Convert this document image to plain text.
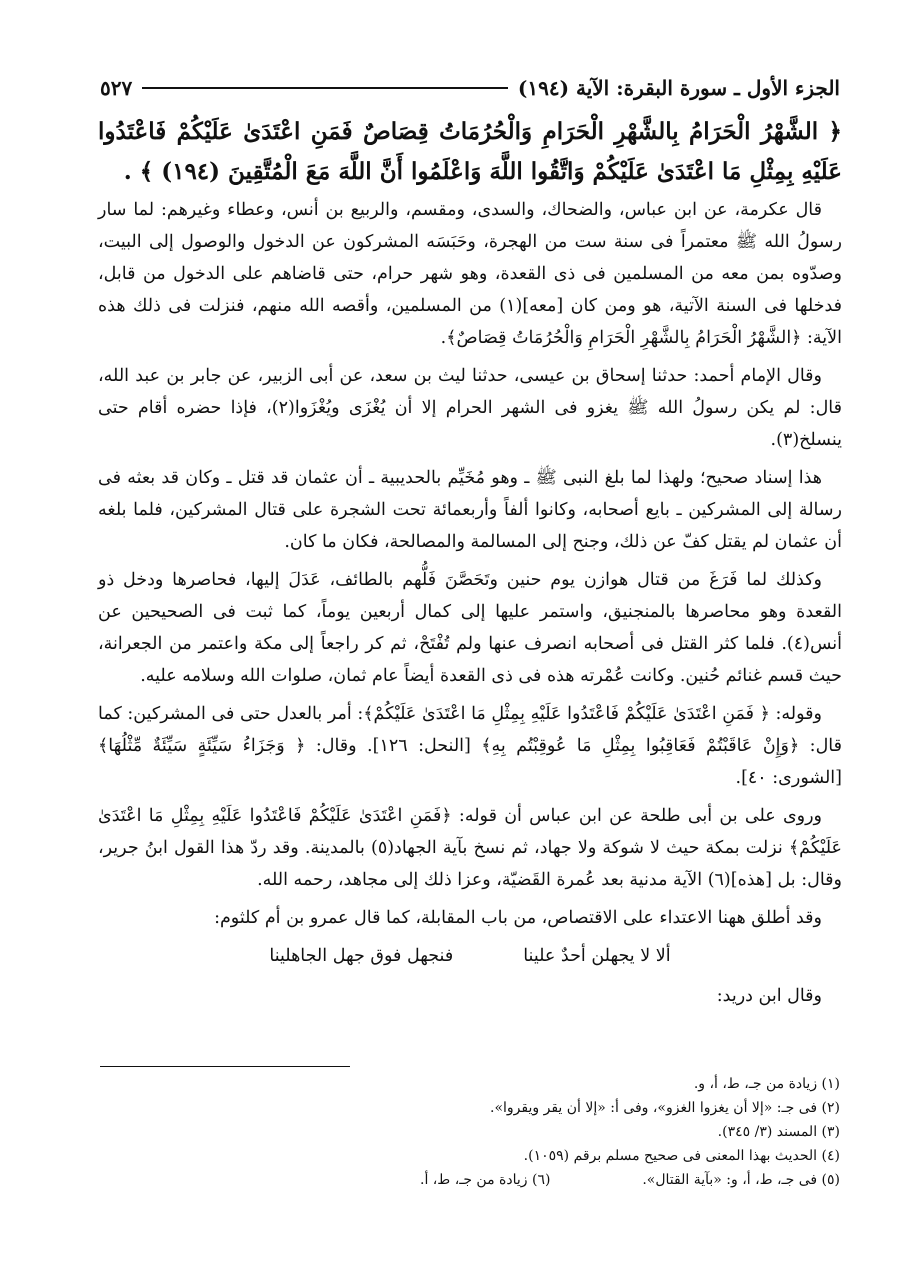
الجزء الأول ـ سورة البقرة: الآية (١٩٤)
٥٢٧

﴿ الشَّهْرُ الْحَرَامُ بِالشَّهْرِ الْحَرَامِ وَالْحُرُمَاتُ قِصَاصٌ فَمَنِ اعْتَدَىٰ عَلَيْكُمْ فَاعْتَدُوا عَلَيْهِ بِمِثْلِ مَا اعْتَدَىٰ عَلَيْكُمْ وَاتَّقُوا اللَّهَ وَاعْلَمُوا أَنَّ اللَّهَ مَعَ الْمُتَّقِينَ (١٩٤) ﴾ .

قال عكرمة، عن ابن عباس، والضحاك، والسدى، ومقسم، والربيع بن أنس، وعطاء وغيرهم: لما سار رسولُ الله ﷺ معتمراً فى سنة ست من الهجرة، وحَبَسَه المشركون عن الدخول والوصول إلى البيت، وصدّوه بمن معه من المسلمين فى ذى القعدة، وهو شهر حرام، حتى قاضاهم على الدخول من قابل، فدخلها فى السنة الآتية، هو ومن كان [معه](١) من المسلمين، وأقصه الله منهم، فنزلت فى ذلك هذه الآية: ﴿الشَّهْرُ الْحَرَامُ بِالشَّهْرِ الْحَرَامِ وَالْحُرُمَاتُ قِصَاصٌ﴾.

وقال الإمام أحمد: حدثنا إسحاق بن عيسى، حدثنا ليث بن سعد، عن أبى الزبير، عن جابر بن عبد الله، قال: لم يكن رسولُ الله ﷺ يغزو فى الشهر الحرام إلا أن يُغْزَى ويُغْزَوا(٢)، فإذا حضره أقام حتى ينسلخ(٣).

هذا إسناد صحيح؛ ولهذا لما بلغ النبى ﷺ ـ وهو مُخَيِّم بالحديبية ـ أن عثمان قد قتل ـ وكان قد بعثه فى رسالة إلى المشركين ـ بايع أصحابه، وكانوا ألفاً وأربعمائة تحت الشجرة على قتال المشركين، فلما بلغه أن عثمان لم يقتل كفّ عن ذلك، وجنح إلى المسالمة والمصالحة، فكان ما كان.

وكذلك لما فَرَغَ من قتال هوازن يوم حنين وتَحَصَّنَ فَلُّهم بالطائف، عَدَلَ إليها، فحاصرها ودخل ذو القعدة وهو محاصرها بالمنجنيق، واستمر عليها إلى كمال أربعين يوماً، كما ثبت فى الصحيحين عن أنس(٤). فلما كثر القتل فى أصحابه انصرف عنها ولم تُفْتَحْ، ثم كر راجعاً إلى مكة واعتمر من الجعرانة، حيث قسم غنائم حُنين. وكانت عُمْرته هذه فى ذى القعدة أيضاً عام ثمان، صلوات الله وسلامه عليه.

وقوله: ﴿ فَمَنِ اعْتَدَىٰ عَلَيْكُمْ فَاعْتَدُوا عَلَيْهِ بِمِثْلِ مَا اعْتَدَىٰ عَلَيْكُمْ﴾: أمر بالعدل حتى فى المشركين: كما قال: ﴿وَإِنْ عَاقَبْتُمْ فَعَاقِبُوا بِمِثْلِ مَا عُوقِبْتُم بِهِ﴾ [النحل: ١٢٦]. وقال: ﴿ وَجَزَاءُ سَيِّئَةٍ سَيِّئَةٌ مِّثْلُهَا﴾ [الشورى: ٤٠].

وروى على بن أبى طلحة عن ابن عباس أن قوله: ﴿فَمَنِ اعْتَدَىٰ عَلَيْكُمْ فَاعْتَدُوا عَلَيْهِ بِمِثْلِ مَا اعْتَدَىٰ عَلَيْكُمْ﴾ نزلت بمكة حيث لا شوكة ولا جهاد، ثم نسخ بآية الجهاد(٥) بالمدينة. وقد ردّ هذا القول ابنُ جرير، وقال: بل [هذه](٦) الآية مدنية بعد عُمرة القَضيّة، وعزا ذلك إلى مجاهد، رحمه الله.

وقد أطلق ههنا الاعتداء على الاقتصاص، من باب المقابلة، كما قال عمرو بن أم كلثوم:

ألا لا يجهلن أحدٌ علينا
فنجهل فوق جهل الجاهلينا

وقال ابن دريد:

(١) زيادة من جـ، ط، أ، و.
(٢) فى جـ: «إلا أن يغزوا الغزو»، وفى أ: «إلا أن يقر ويقروا».
(٣) المسند (٣/ ٣٤٥).
(٤) الحديث بهذا المعنى فى صحيح مسلم برقم (١٠٥٩).
(٥) فى جـ، ط، أ، و: «بآية القتال».
(٦) زيادة من جـ، ط، أ.
